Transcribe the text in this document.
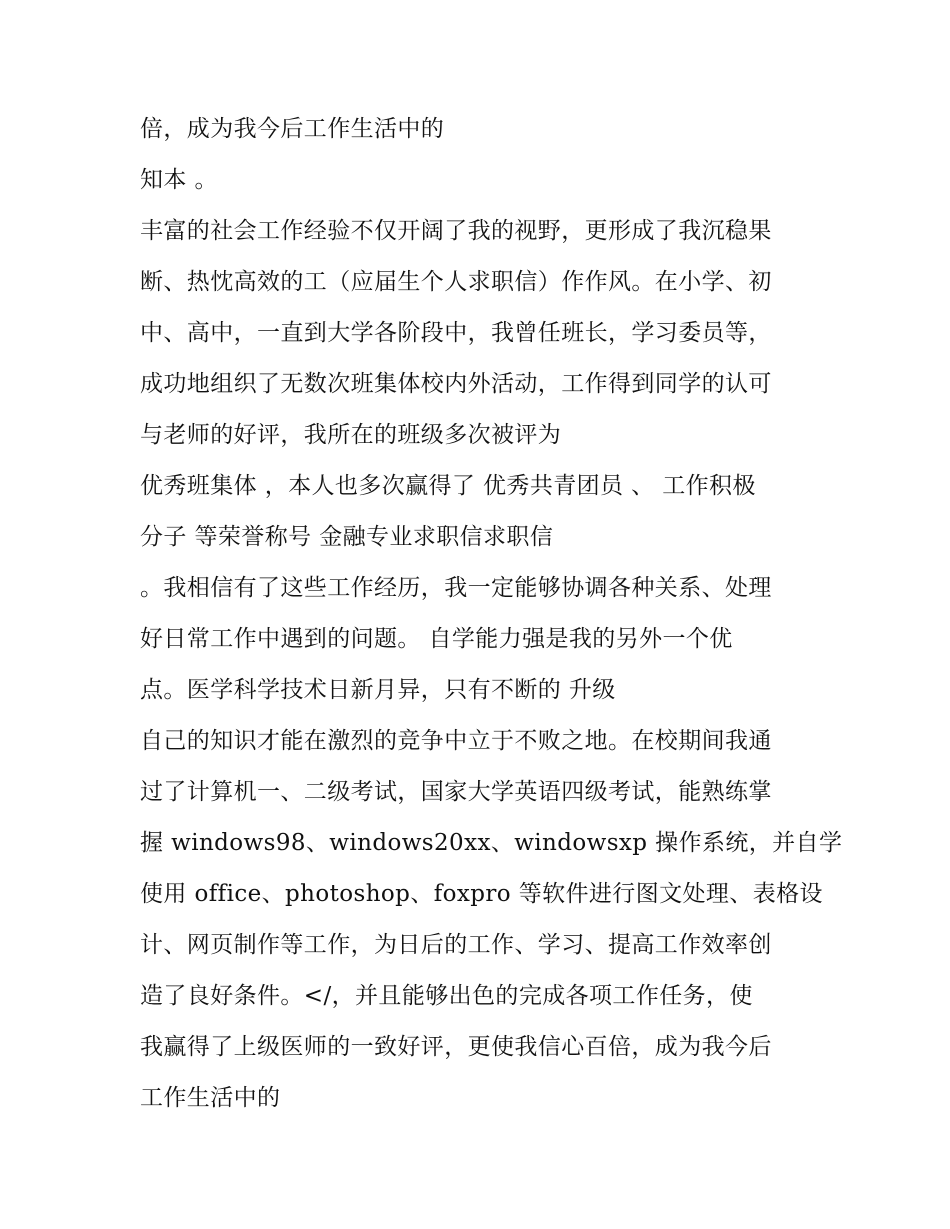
倍，成为我今后工作生活中的
知本 。
丰富的社会工作经验不仅开阔了我的视野，更形成了我沉稳果
断、热忱高效的工（应届生个人求职信）作作风。在小学、初
中、高中，一直到大学各阶段中，我曾任班长，学习委员等，
成功地组织了无数次班集体校内外活动，工作得到同学的认可
与老师的好评，我所在的班级多次被评为
优秀班集体 ，本人也多次赢得了 优秀共青团员 、 工作积极
分子 等荣誉称号 金融专业求职信求职信
。我相信有了这些工作经历，我一定能够协调各种关系、处理
好日常工作中遇到的问题。 自学能力强是我的另外一个优
点。医学科学技术日新月异，只有不断的 升级
自己的知识才能在激烈的竞争中立于不败之地。在校期间我通
过了计算机一、二级考试，国家大学英语四级考试，能熟练掌
握 windows98、windows20xx、windowsxp 操作系统，并自学
使用 office、photoshop、foxpro 等软件进行图文处理、表格设
计、网页制作等工作，为日后的工作、学习、提高工作效率创
造了良好条件。</，并且能够出色的完成各项工作任务，使
我赢得了上级医师的一致好评，更使我信心百倍，成为我今后
工作生活中的
